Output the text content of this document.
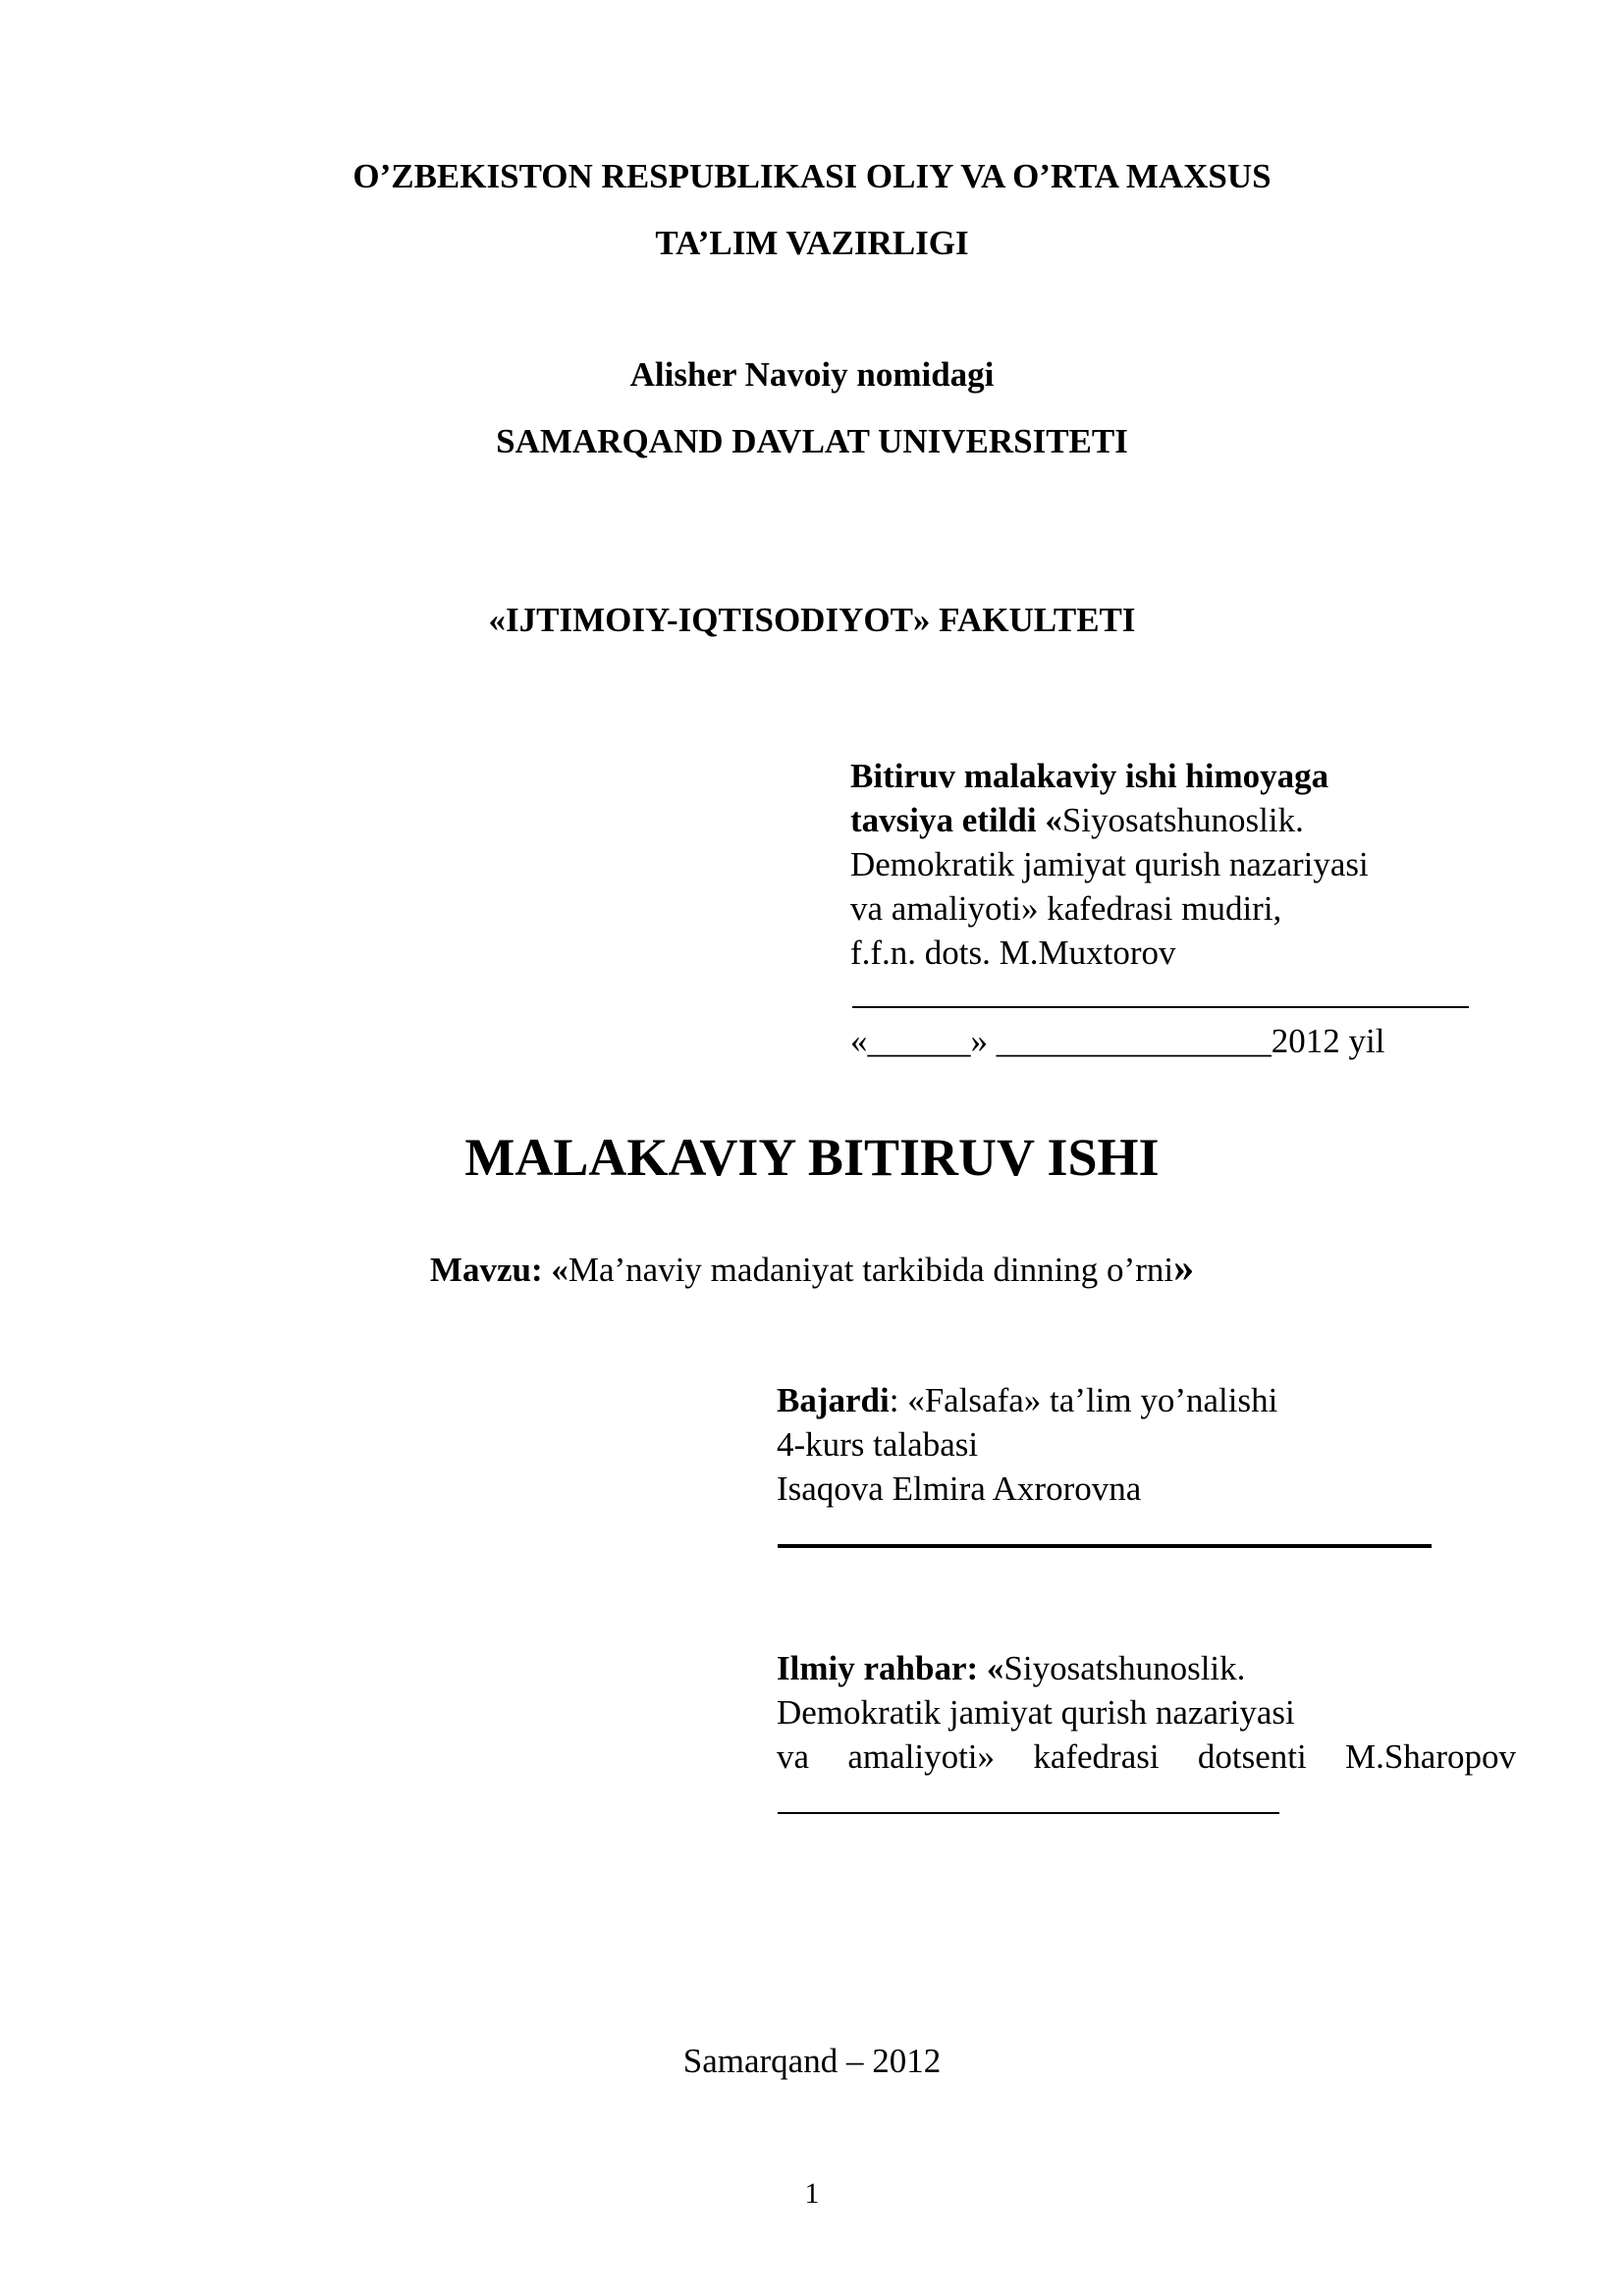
O’ZBEKISTON RESPUBLIKASI OLIY VA O’RTA MAXSUS
TA’LIM VAZIRLIGI
Alisher Navoiy nomidagi
SAMARQAND DAVLAT UNIVERSITETI
«IJTIMOIY-IQTISODIYOT» FAKULTETI
Bitiruv malakaviy ishi himoyaga
tavsiya etildi «Siyosatshunoslik.
Demokratik jamiyat qurish nazariyasi
va amaliyoti» kafedrasi mudiri,
f.f.n. dots. M.Muxtorov
«______» ________________2012 yil
MALAKAVIY BITIRUV ISHI
Mavzu: «Ma’naviy madaniyat tarkibida dinning o’rni»
Bajardi: «Falsafa» ta’lim yo’nalishi
4-kurs talabasi
Isaqova Elmira Axrorovna
Ilmiy rahbar: «Siyosatshunoslik.
Demokratik jamiyat qurish nazariyasi
va amaliyoti» kafedrasi dotsenti M.Sharopov
Samarqand – 2012
1
